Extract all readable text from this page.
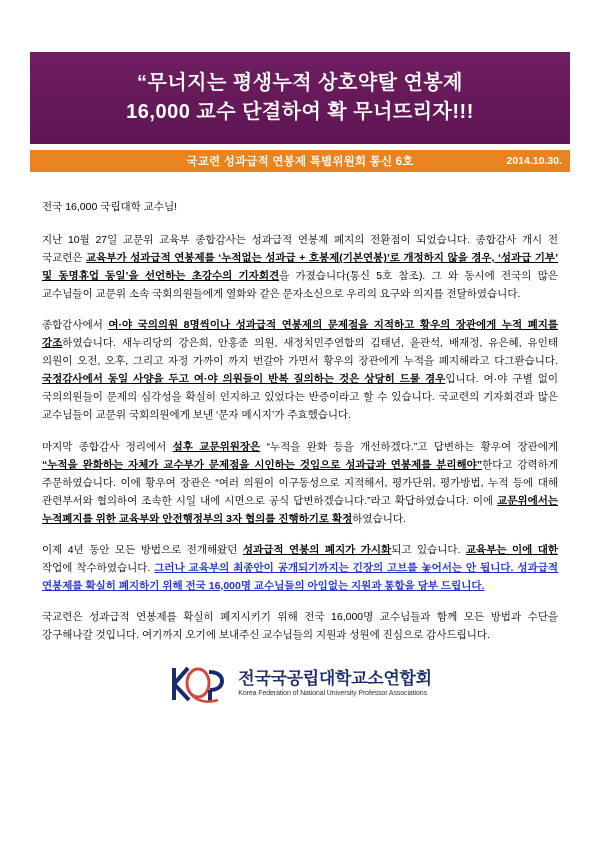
“무너지는 평생누적 상호약탈 연봉제
16,000 교수 단결하여 확 무너뜨리자!!!
국교련 성과급적 연봉제 특별위원회 통신 6호	2014.10.30.

전국 16,000 국립대학 교수님!

지난 10월 27일 교문위 교육부 종합감사는 성과급적 연봉제 폐지의 전환점이 되었습니다. 종합감사 개시 전 국교련은 교육부가 성과급적 연봉제를 ‘누적없는 성과급 + 호봉제(기본연봉)’로 개정하지 않을 경우, ‘성과급 기부’ 및 동명휴업 동일’을 선언하는 초강수의 기자회견을 가졌습니다(통신 5호 참조). 그 와 동시에 전국의 많은 교수님들이 교문위 소속 국회의원들에게 열화와 같은 문자소신으로 우리의 요구와 의지를 전달하였습니다.

종합감사에서 여·야 국의의원 8명씩이나 성과급적 연봉제의 문제점을 지적하고 황우의 장관에게 누적 폐지를 강조하였습니다. 새누리당의 강은희, 안홍준 의원, 새정치민주연합의 김태년, 윤관석, 배재정, 유은혜, 유인태 의원이 오전, 오후, 그리고 자정 가까이 까지 번갈아 가면서 황우의 장관에게 누적을 폐지해라고 다그롼습니다. 국정감사에서 동일 사양을 두고 여·야 의원들이 반복 질의하는 것은 상당히 드물 경우입니다. 여·야 구별 없이 국의의원들이 문제의 심각성을 확실히 인지하고 있었다는 반증이라고 할 수 있습니다. 국교련의 기자회견과 많은 교수님들이 교문위 국회의원에게 보낸 ‘문자 메시지’가 주효했습니다.

마지막 종합감사 정리에서 설후 교문위원장은 “누적을 완화 등을 개선하겠다.”고 답변하는 황우여 장관에게 “누적을 완화하는 자체가 교수부가 문제점을 시인하는 것임으로 성과급과 연봉제를 분리해야”한다고 강력하게 주문하였습니다. 이에 황우여 장관은 “여러 의원이 이구동성으로 지적해서, 평가단위, 평가방법, 누적 등에 대해 관련부서와 협의하여 조속한 시일 내에 시면으로 공식 답변하겠습니다.”라고 확답하였습니다. 이에 교문위에서는 누적폐지를 위한 교육부와 안전행정부의 3자 협의를 진행하기로 확정하였습니다.

이제 4년 동안 모든 방법으로 전개해왔던 성과급적 연봉의 폐지가 가시화되고 있습니다. 교육부는 이에 대한 작업에 착수하였습니다. 그러나 교육부의 최종안이 공개되기까지는 긴장의 고브를 놓어서는 안 됩니다. 성과급적 연봉제를 확실히 폐지하기 위해 전국 16,000명 교수님들의 아임없는 지원과 통합을 당부 드립니다.

국교련은 성과급적 연봉제를 확실히 폐지시키기 위해 전국 16,000명 교수님들과 함께 모든 방법과 수단을 강구해나갈 것입니다. 여기까지 오기에 보내주신 교수님들의 지원과 성원에 진심으로 감사드립니다.

전국국공립대학교소연합회
Korea Federation of National University Professor Associations
